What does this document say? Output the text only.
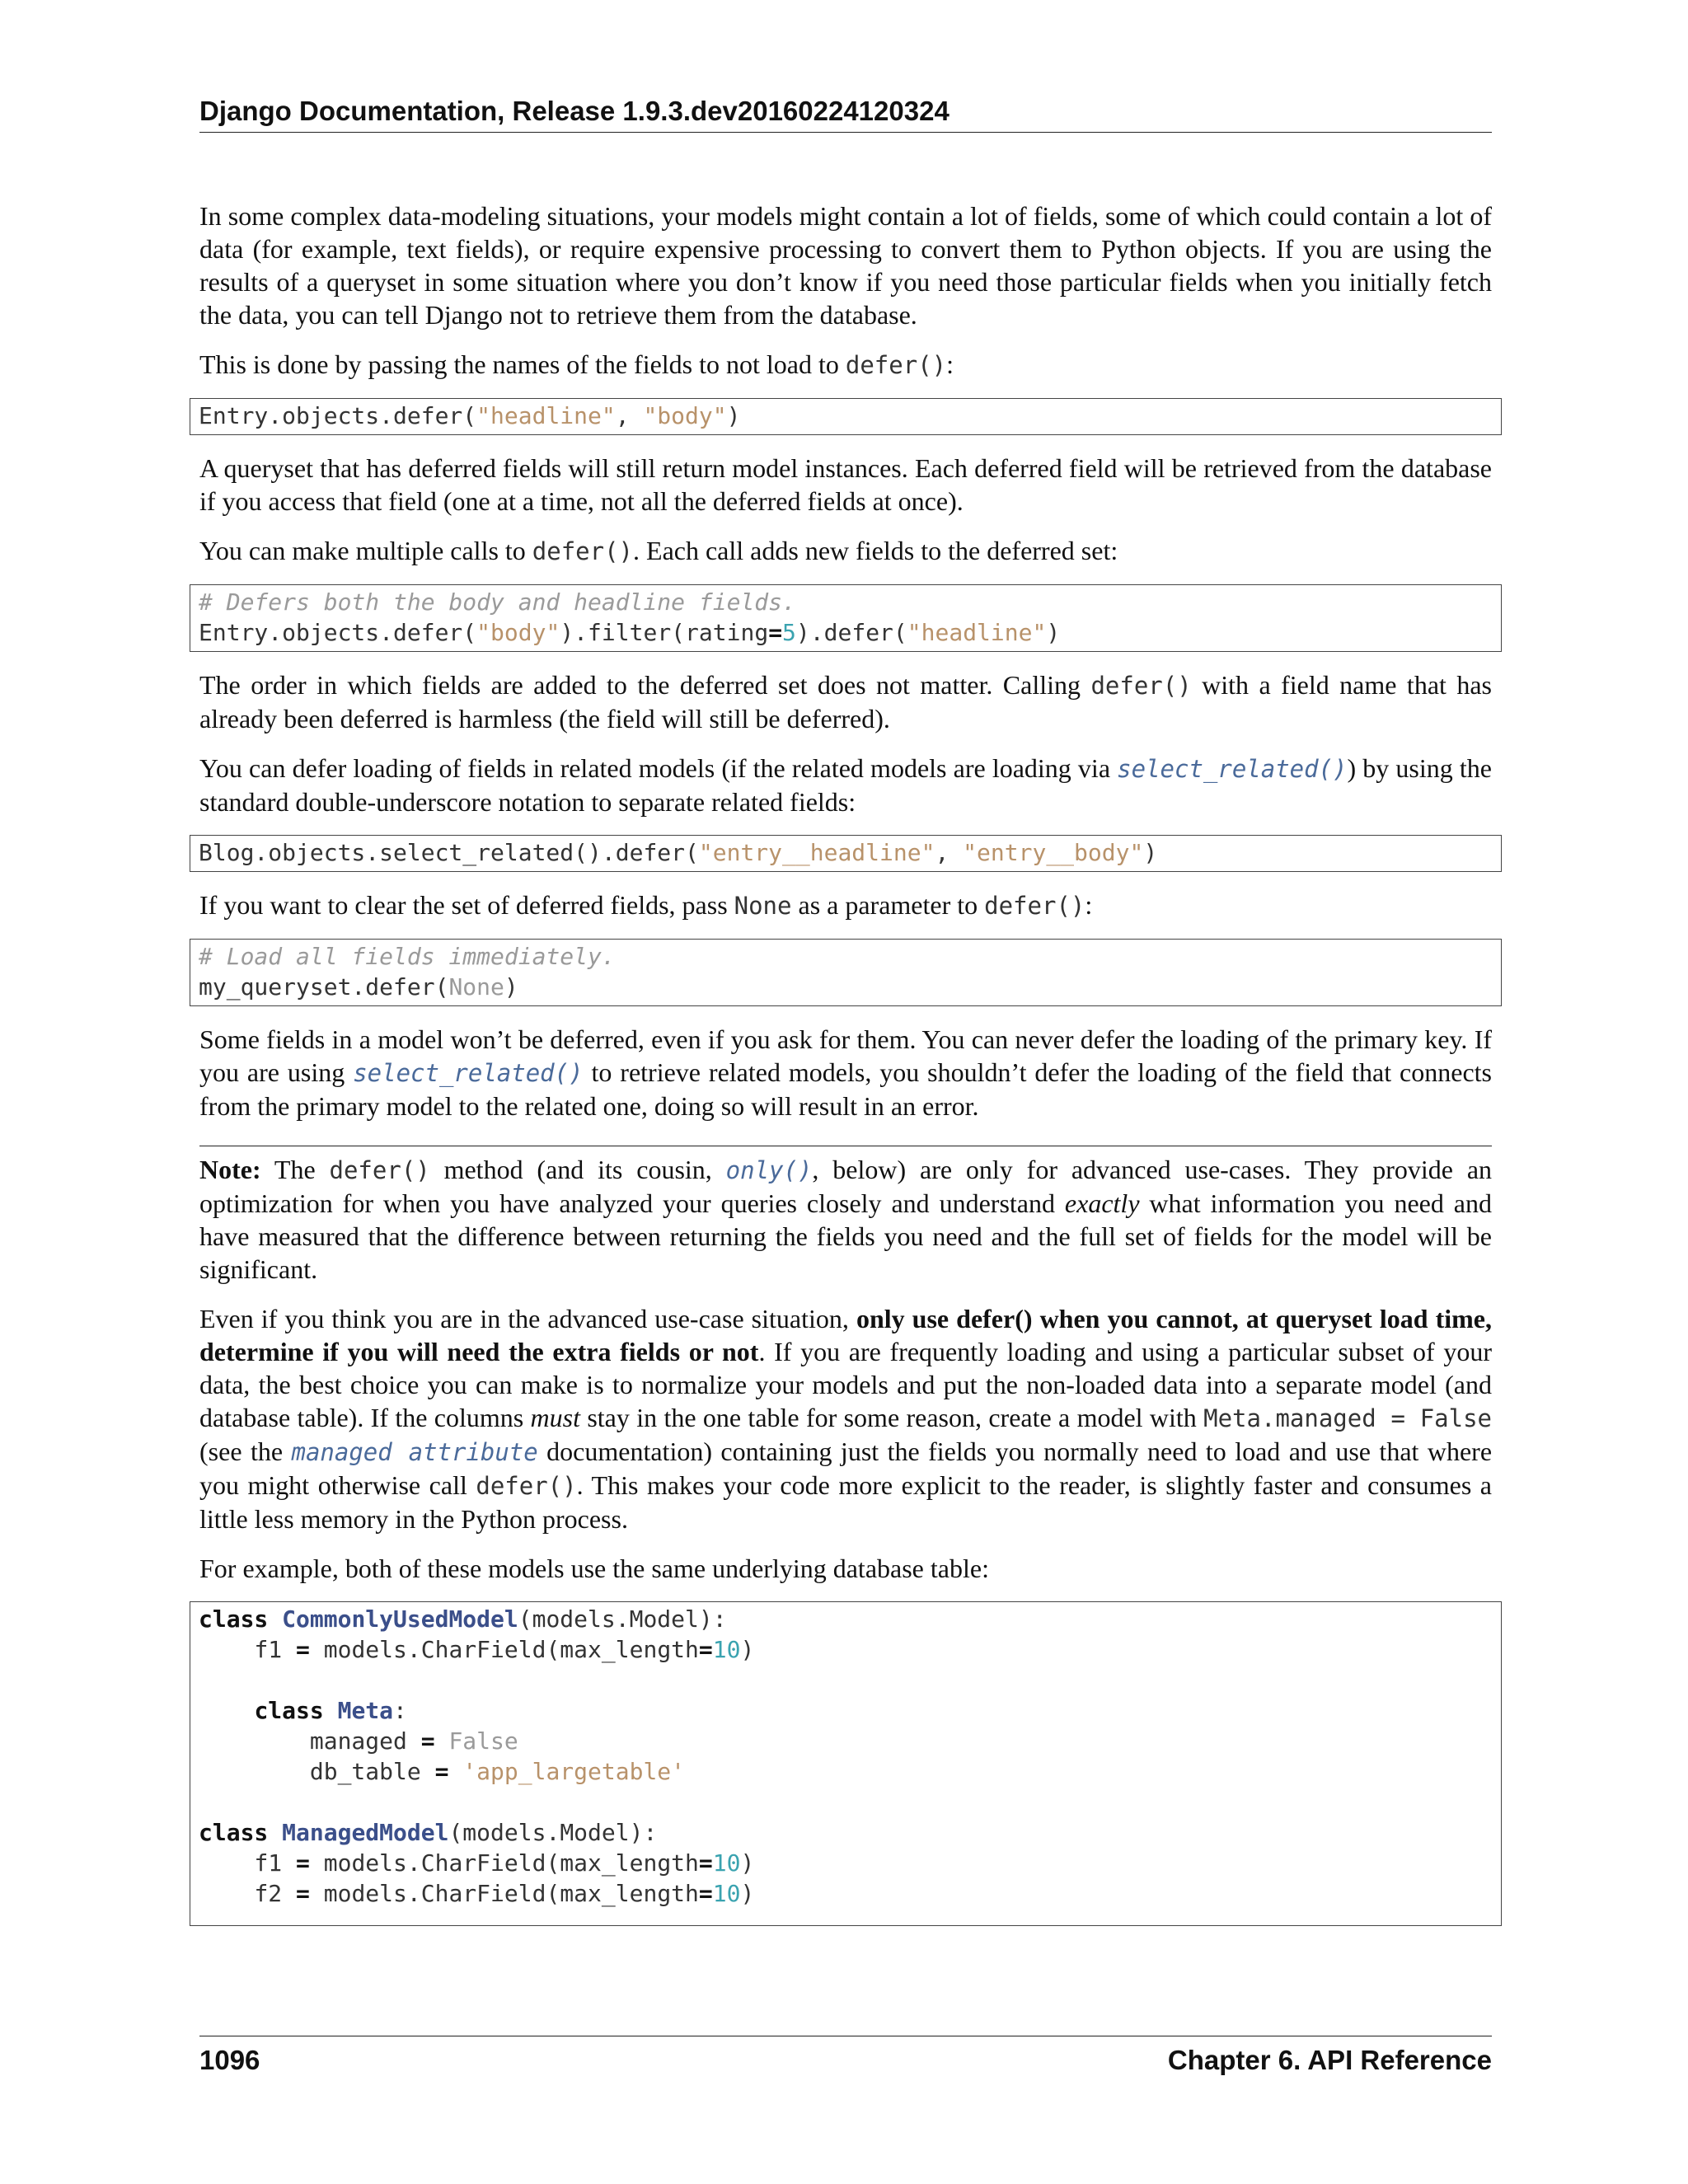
Django Documentation, Release 1.9.3.dev20160224120324

In some complex data-modeling situations, your models might contain a lot of fields, some of which could contain a lot of data (for example, text fields), or require expensive processing to convert them to Python objects. If you are using the results of a queryset in some situation where you don’t know if you need those particular fields when you initially fetch the data, you can tell Django not to retrieve them from the database.

This is done by passing the names of the fields to not load to defer():

Entry.objects.defer("headline", "body")

A queryset that has deferred fields will still return model instances. Each deferred field will be retrieved from the database if you access that field (one at a time, not all the deferred fields at once).

You can make multiple calls to defer(). Each call adds new fields to the deferred set:

# Defers both the body and headline fields.
Entry.objects.defer("body").filter(rating=5).defer("headline")

The order in which fields are added to the deferred set does not matter. Calling defer() with a field name that has already been deferred is harmless (the field will still be deferred).

You can defer loading of fields in related models (if the related models are loading via select_related()) by using the standard double-underscore notation to separate related fields:

Blog.objects.select_related().defer("entry__headline", "entry__body")

If you want to clear the set of deferred fields, pass None as a parameter to defer():

# Load all fields immediately.
my_queryset.defer(None)

Some fields in a model won’t be deferred, even if you ask for them. You can never defer the loading of the primary key. If you are using select_related() to retrieve related models, you shouldn’t defer the loading of the field that connects from the primary model to the related one, doing so will result in an error.

Note: The defer() method (and its cousin, only(), below) are only for advanced use-cases. They provide an optimization for when you have analyzed your queries closely and understand exactly what information you need and have measured that the difference between returning the fields you need and the full set of fields for the model will be significant.

Even if you think you are in the advanced use-case situation, only use defer() when you cannot, at queryset load time, determine if you will need the extra fields or not. If you are frequently loading and using a particular subset of your data, the best choice you can make is to normalize your models and put the non-loaded data into a separate model (and database table). If the columns must stay in the one table for some reason, create a model with Meta.managed = False (see the managed attribute documentation) containing just the fields you normally need to load and use that where you might otherwise call defer(). This makes your code more explicit to the reader, is slightly faster and consumes a little less memory in the Python process.

For example, both of these models use the same underlying database table:

class CommonlyUsedModel(models.Model):
f1 = models.CharField(max_length=10)

class Meta:
managed = False
db_table = 'app_largetable'

class ManagedModel(models.Model):
f1 = models.CharField(max_length=10)
f2 = models.CharField(max_length=10)
1096	Chapter 6. API Reference
